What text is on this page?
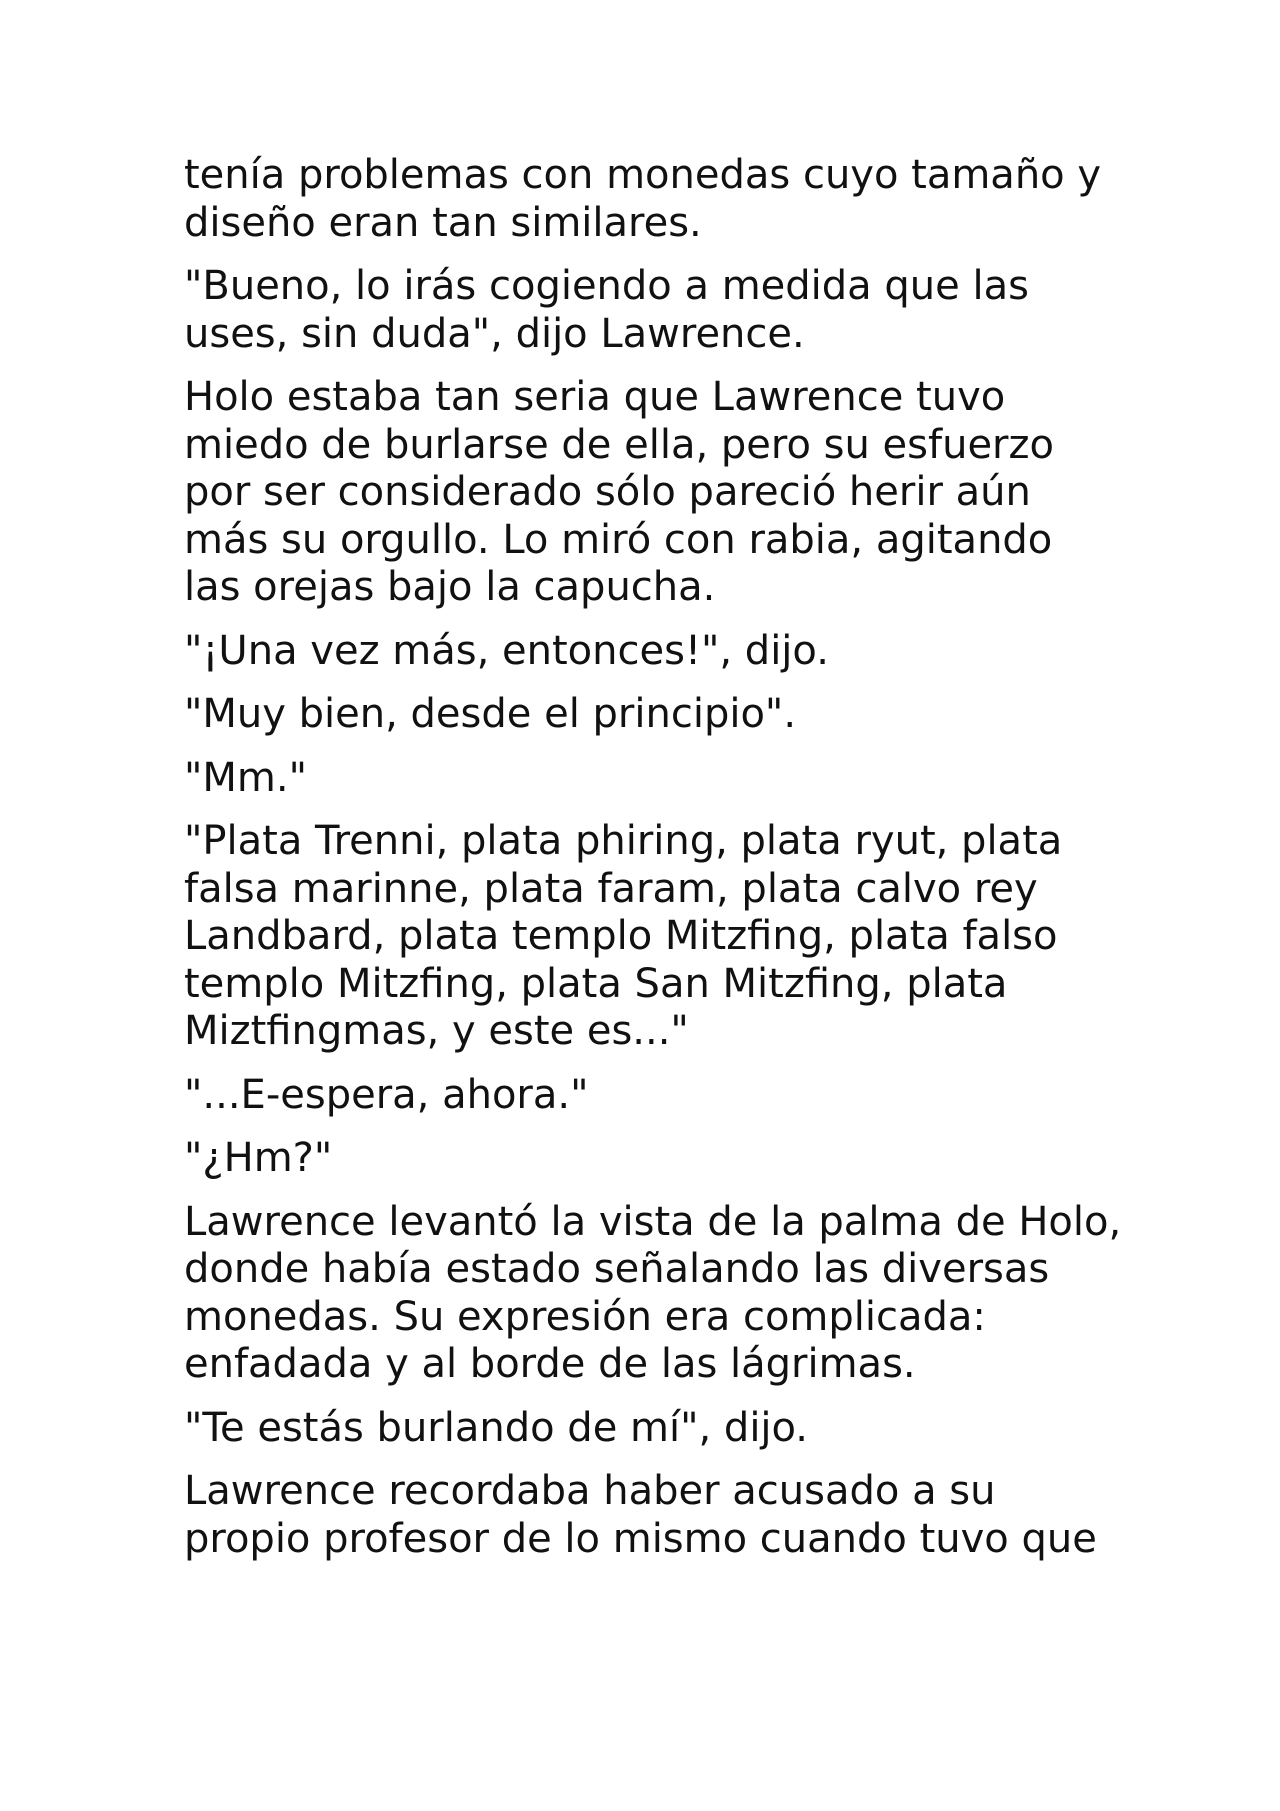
tenía problemas con monedas cuyo tamaño y
diseño eran tan similares.

"Bueno, lo irás cogiendo a medida que las
uses, sin duda", dijo Lawrence.

Holo estaba tan seria que Lawrence tuvo
miedo de burlarse de ella, pero su esfuerzo
por ser considerado sólo pareció herir aún
más su orgullo. Lo miró con rabia, agitando
las orejas bajo la capucha.

"¡Una vez más, entonces!", dijo.

"Muy bien, desde el principio".

"Mm."

"Plata Trenni, plata phiring, plata ryut, plata
falsa marinne, plata faram, plata calvo rey
Landbard, plata templo Mitzfing, plata falso
templo Mitzfing, plata San Mitzfing, plata
Miztfingmas, y este es..."

"...E-espera, ahora."

"¿Hm?"

Lawrence levantó la vista de la palma de Holo,
donde había estado señalando las diversas
monedas. Su expresión era complicada:
enfadada y al borde de las lágrimas.

"Te estás burlando de mí", dijo.

Lawrence recordaba haber acusado a su
propio profesor de lo mismo cuando tuvo que
